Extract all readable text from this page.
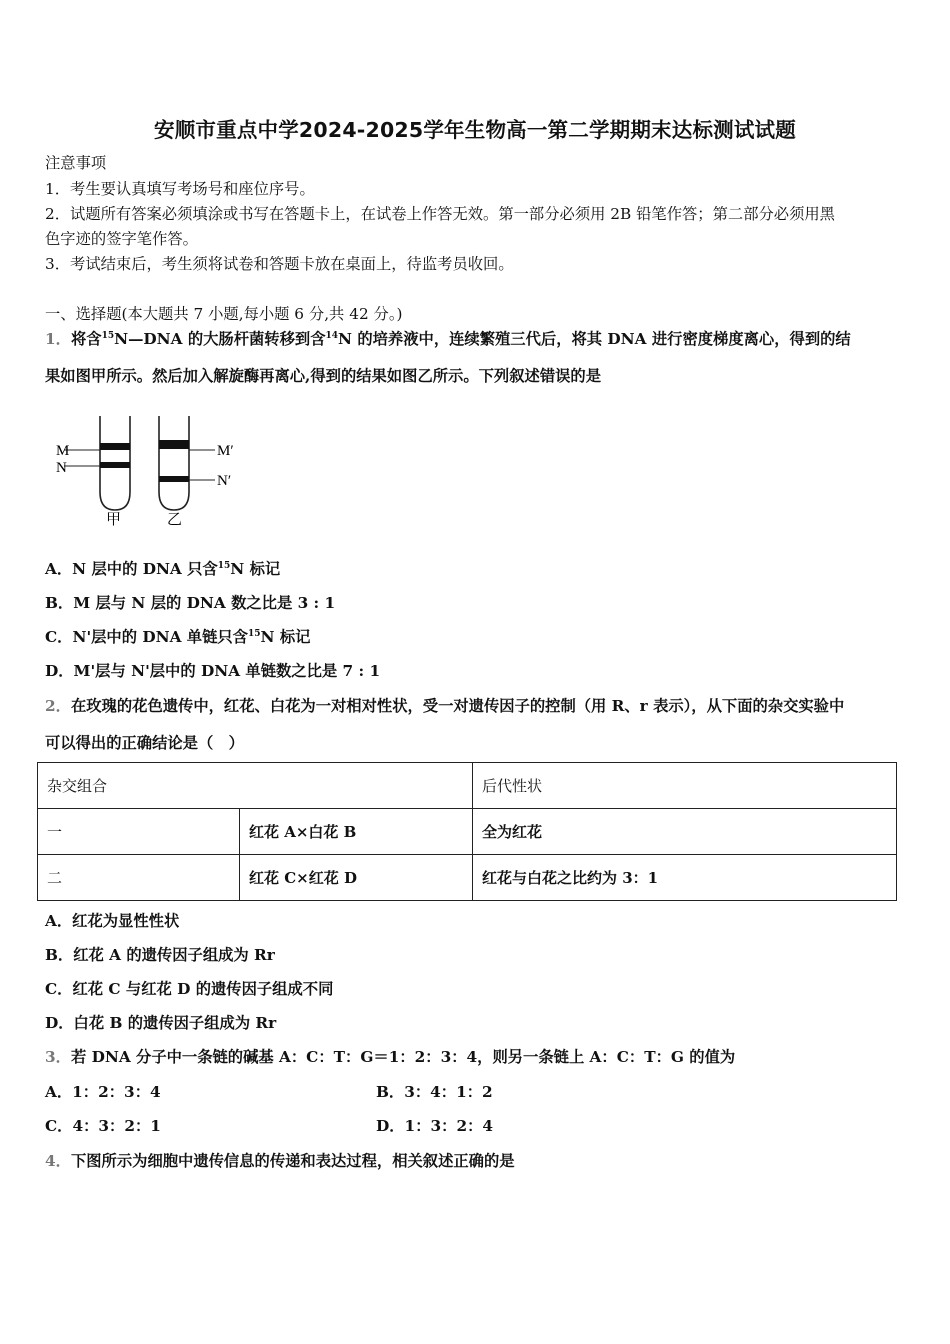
安顺市重点中学2024-2025学年生物高一第二学期期末达标测试试题
注意事项
1．考生要认真填写考场号和座位序号。
2．试题所有答案必须填涂或书写在答题卡上，在试卷上作答无效。第一部分必须用 2B 铅笔作答；第二部分必须用黑
色字迹的签字笔作答。
3．考试结束后，考生须将试卷和答题卡放在桌面上，待监考员收回。
一、选择题(本大题共 7 小题,每小题 6 分,共 42 分。)
1．将含$^{15}$N—DNA 的大肠杆菌转移到含$^{14}$N 的培养液中，连续繁殖三代后，将其 DNA 进行密度梯度离心，得到的结
果如图甲所示。然后加入解旋酶再离心,得到的结果如图乙所示。下列叙述错误的是
M
N
M′
N′
甲	乙
A．N 层中的 DNA 只含$^{15}$N 标记
B．M 层与 N 层的 DNA 数之比是 3 : 1
C．N'层中的 DNA 单链只含$^{15}$N 标记
D．M'层与 N'层中的 DNA 单链数之比是 7 : 1
2．在玫瑰的花色遗传中，红花、白花为一对相对性状，受一对遗传因子的控制（用 R、r 表示），从下面的杂交实验中
可以得出的正确结论是（　）
杂交组合		后代性状
一	红花 A×白花 B	全为红花
二	红花 C×红花 D	红花与白花之比约为 3：1
A．红花为显性性状
B．红花 A 的遗传因子组成为 Rr
C．红花 C 与红花 D 的遗传因子组成不同
D．白花 B 的遗传因子组成为 Rr
3．若 DNA 分子中一条链的碱基 A：C：T：G＝1：2：3：4，则另一条链上 A：C：T：G 的值为
A．1：2：3：4	B．3：4：1：2
C．4：3：2：1	D．1：3：2：4
4．下图所示为细胞中遗传信息的传递和表达过程，相关叙述正确的是
